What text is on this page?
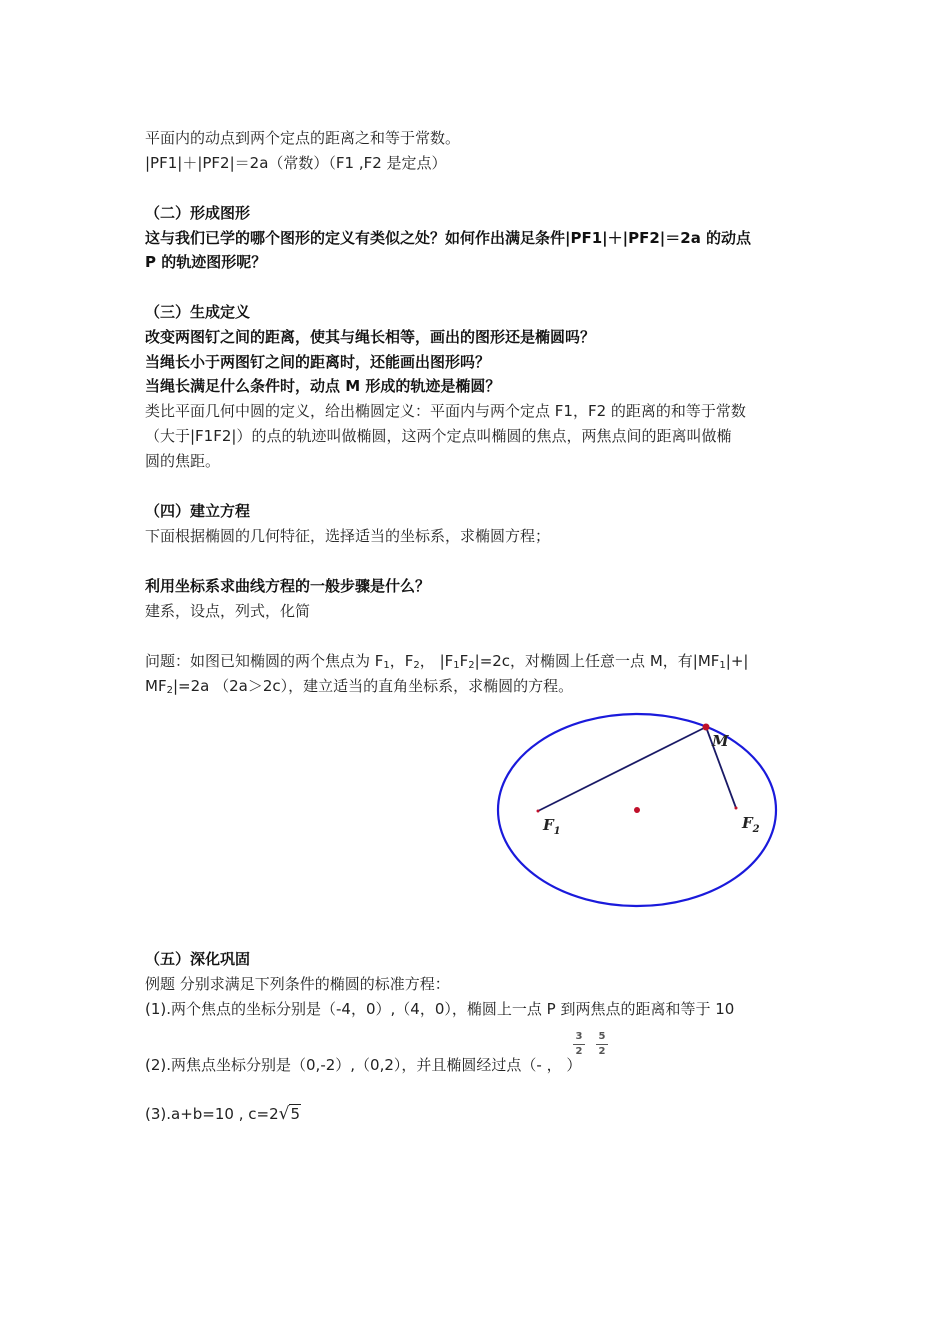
平面内的动点到两个定点的距离之和等于常数。
|PF1|＋|PF2|＝2a（常数）（F1 ,F2 是定点）
（二）形成图形
这与我们已学的哪个图形的定义有类似之处？如何作出满足条件|PF1|＋|PF2|＝2a 的动点
P 的轨迹图形呢？
（三）生成定义
改变两图钉之间的距离，使其与绳长相等，画出的图形还是椭圆吗？
当绳长小于两图钉之间的距离时，还能画出图形吗？
当绳长满足什么条件时，动点 M 形成的轨迹是椭圆？
类比平面几何中圆的定义，给出椭圆定义：平面内与两个定点 F1，F2 的距离的和等于常数
（大于|F1F2|）的点的轨迹叫做椭圆，这两个定点叫椭圆的焦点，两焦点间的距离叫做椭
圆的焦距。
（四）建立方程
下面根据椭圆的几何特征，选择适当的坐标系，求椭圆方程；
利用坐标系求曲线方程的一般步骤是什么？
建系，设点，列式，化简
问题：如图已知椭圆的两个焦点为 $F_1$，$F_2$， $|F_1F_2|=2c$，对椭圆上任意一点 M，有$|MF_1|+|$
$MF_2|=2a$ （2a＞2c），建立适当的直角坐标系，求椭圆的方程。
M
$F_1$	$F_2$
（五）深化巩固
例题 分别求满足下列条件的椭圆的标准方程：
(1).两个焦点的坐标分别是（-4，0）,（4，0），椭圆上一点 P 到两焦点的距离和等于 10
3
2
5
2
(2).两焦点坐标分别是（0,-2）,（0,2），并且椭圆经过点（- ， ）
(3).a+b=10 , c=2√5
